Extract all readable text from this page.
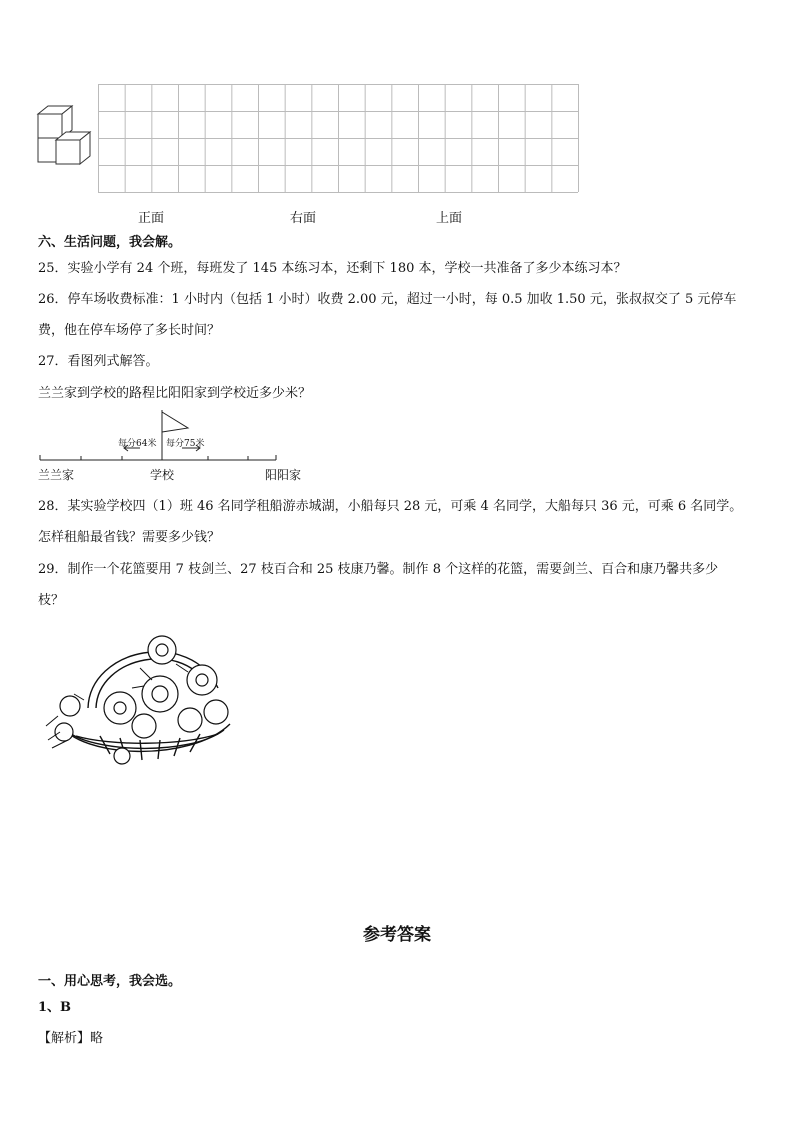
正面	右面	上面
六、生活问题，我会解。
25．实验小学有 24 个班，每班发了 145 本练习本，还剩下 180 本，学校一共准备了多少本练习本？
26．停车场收费标准：1 小时内（包括 1 小时）收费 2.00 元，超过一小时，每 0.5 加收 1.50 元，张叔叔交了 5 元停车
费，他在停车场停了多长时间？
27．看图列式解答。
兰兰家到学校的路程比阳阳家到学校近多少米？
每分64米 每分75米
兰兰家	学校	阳阳家
28．某实验学校四（1）班 46 名同学租船游赤城湖，小船每只 28 元，可乘 4 名同学，大船每只 36 元，可乘 6 名同学。
怎样租船最省钱？需要多少钱？
29．制作一个花篮要用 7 枝剑兰、27 枝百合和 25 枝康乃馨。制作 8 个这样的花篮，需要剑兰、百合和康乃馨共多少
枝？
参考答案
一、用心思考，我会选。
1、B
【解析】略
